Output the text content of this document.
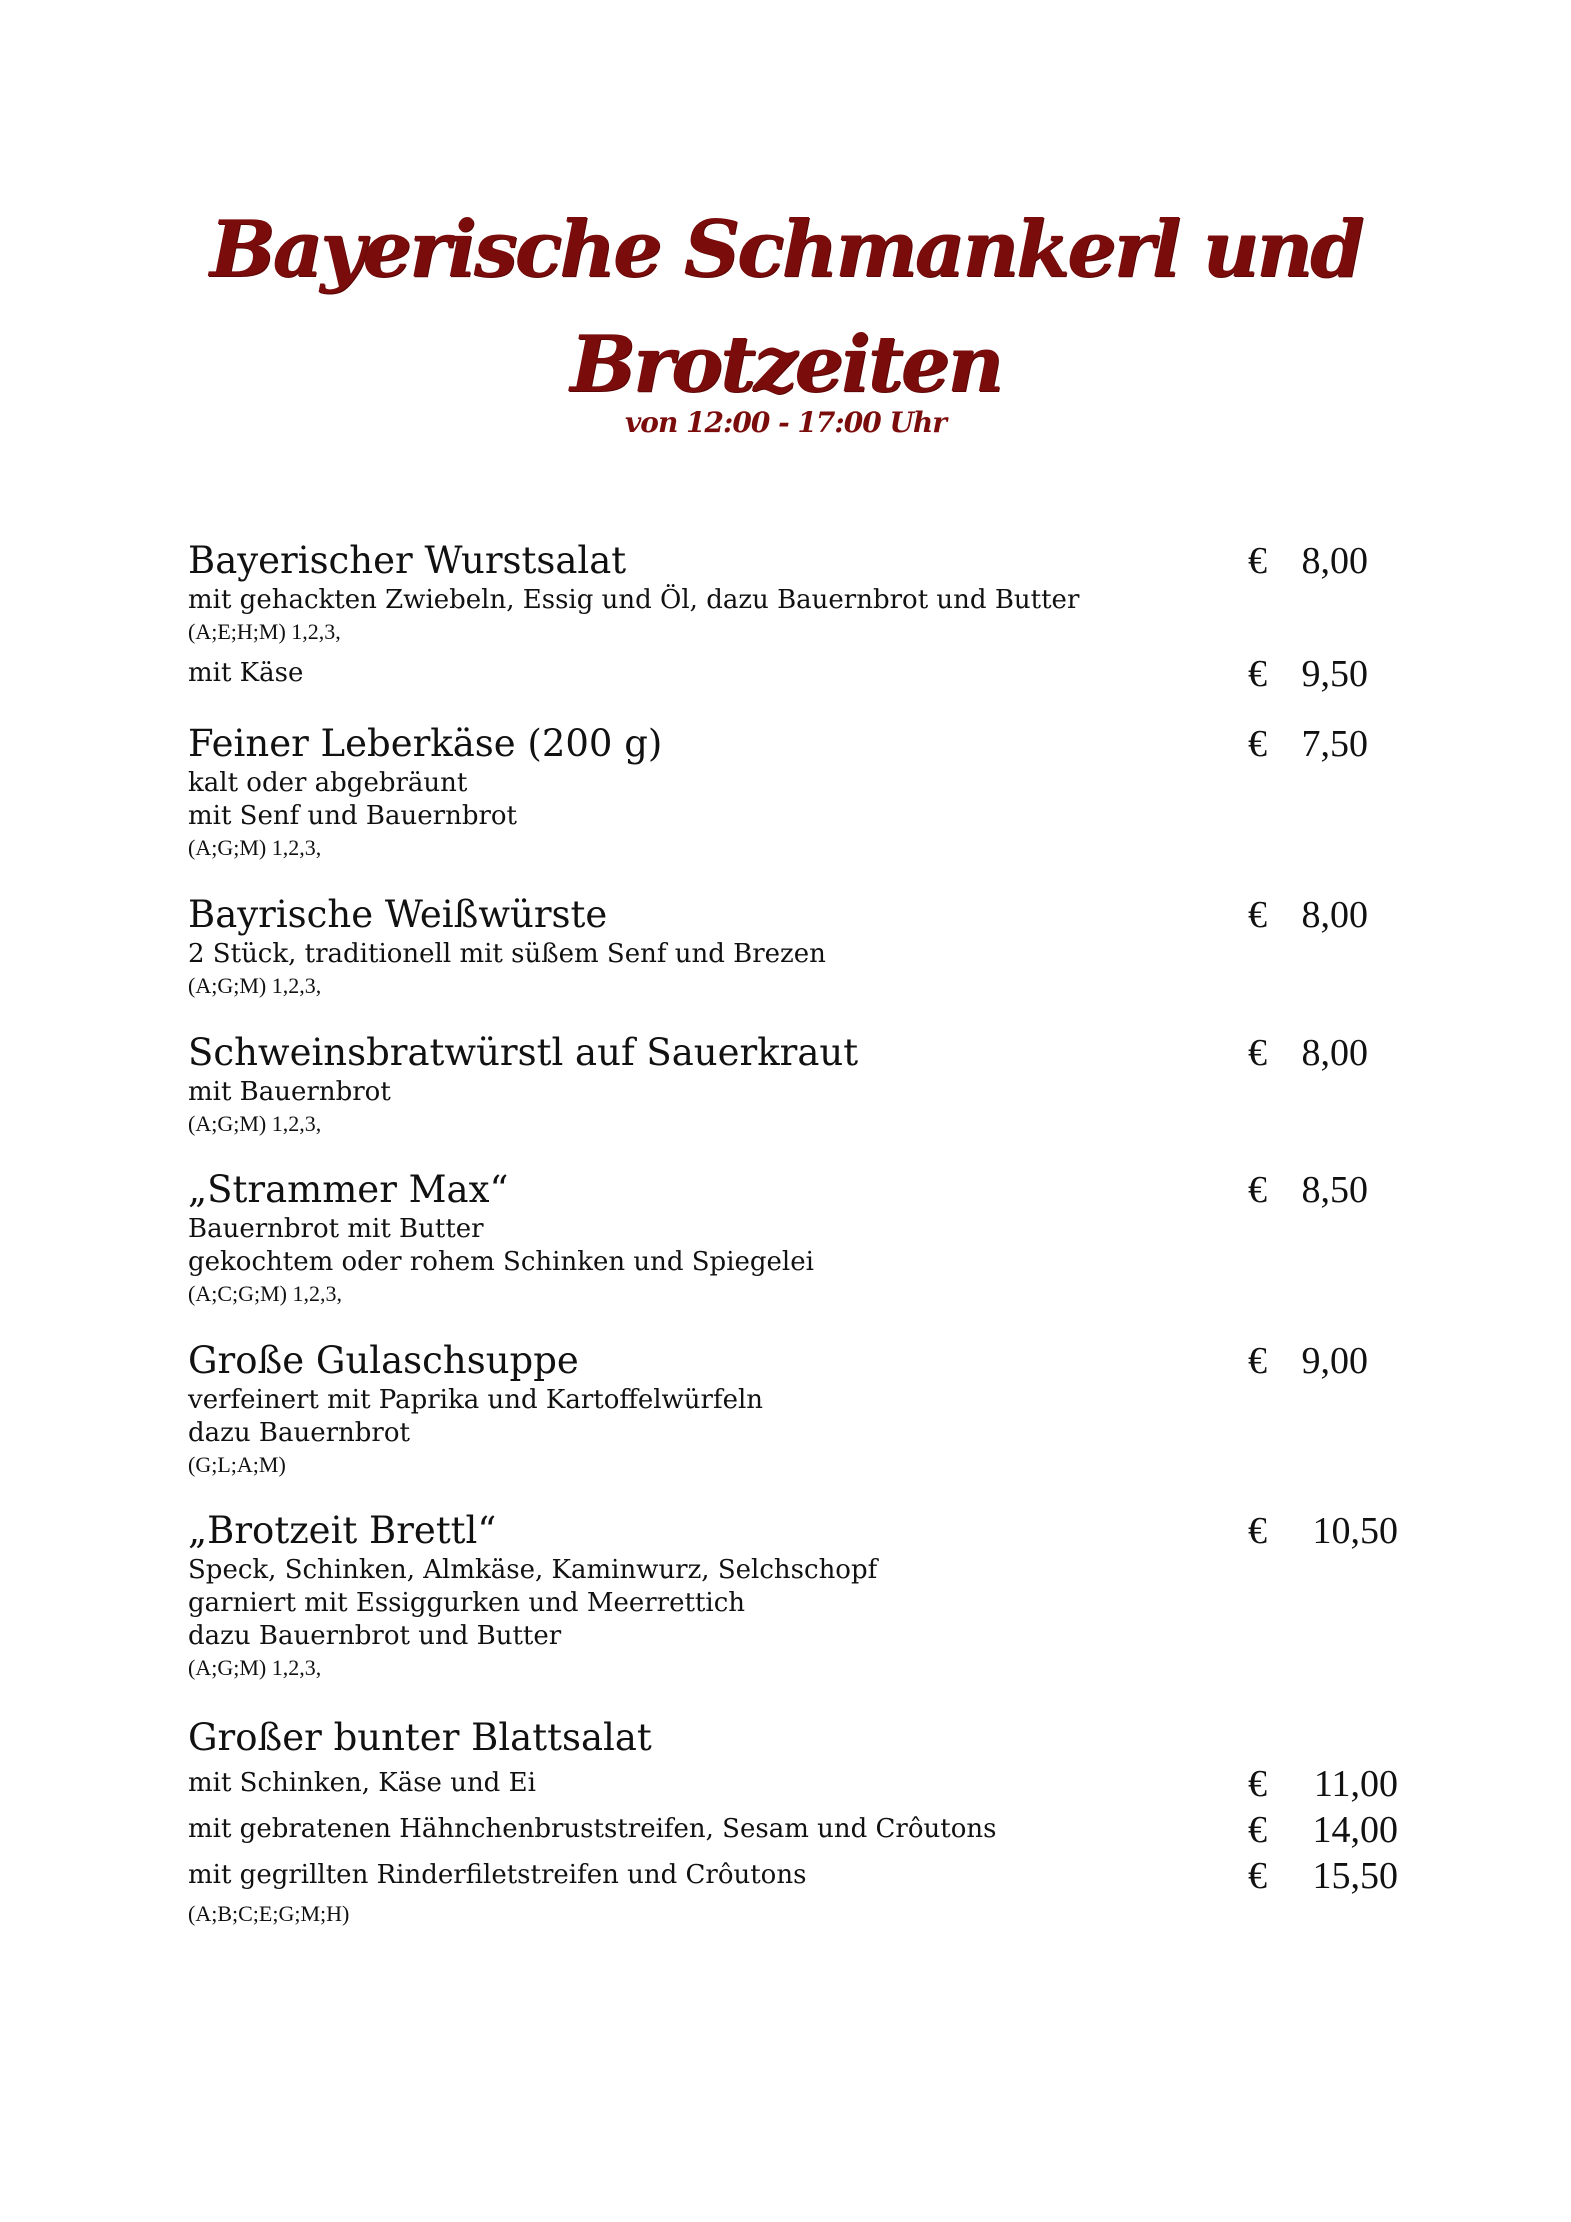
Bayerische Schmankerl und
Brotzeiten
von 12:00 - 17:00 Uhr
Bayerischer Wurstsalat	€ 8,00
mit gehackten Zwiebeln, Essig und Öl, dazu Bauernbrot und Butter
(A;E;H;M) 1,2,3,
mit Käse	€ 9,50
Feiner Leberkäse (200 g)	€ 7,50
kalt oder abgebräunt
mit Senf und Bauernbrot
(A;G;M) 1,2,3,
Bayrische Weißwürste	€ 8,00
2 Stück, traditionell mit süßem Senf und Brezen
(A;G;M) 1,2,3,
Schweinsbratwürstl auf Sauerkraut	€ 8,00
mit Bauernbrot
(A;G;M) 1,2,3,
„Strammer Max“	€ 8,50
Bauernbrot mit Butter
gekochtem oder rohem Schinken und Spiegelei
(A;C;G;M) 1,2,3,
Große Gulaschsuppe	€ 9,00
verfeinert mit Paprika und Kartoffelwürfeln
dazu Bauernbrot
(G;L;A;M)
„Brotzeit Brettl“	€ 10,50
Speck, Schinken, Almkäse, Kaminwurz, Selchschopf
garniert mit Essiggurken und Meerrettich
dazu Bauernbrot und Butter
(A;G;M) 1,2,3,
Großer bunter Blattsalat
mit Schinken, Käse und Ei	€ 11,00
mit gebratenen Hähnchenbruststreifen, Sesam und Crôutons	€ 14,00
mit gegrillten Rinderfiletstreifen und Crôutons	€ 15,50
(A;B;C;E;G;M;H)
